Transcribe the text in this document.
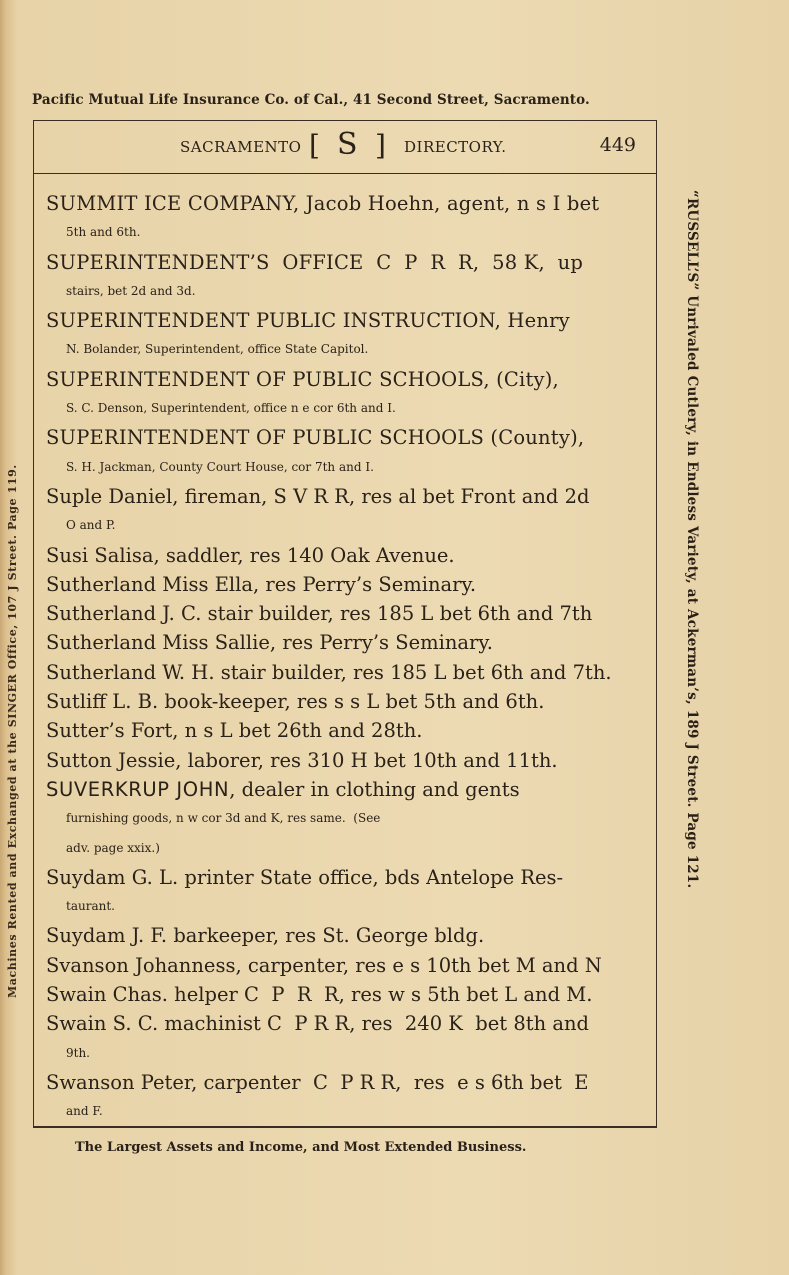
Pacific Mutual Life Insurance Co. of Cal., 41 Second Street, Sacramento.
Machines Rented and Exchanged at the SINGER Office, 107 J Street. Page 119.	“RUSSELL’S” Unrivaled Cutlery, in Endless Variety, at Ackerman’s, 189 J Street. Page 121.
SACRAMENTO [ S ] DIRECTORY.	449
SUMMIT ICE COMPANY, Jacob Hoehn, agent, n s I bet
5th and 6th.
SUPERINTENDENT’S  OFFICE  C  P  R  R,  58 K,  up
stairs, bet 2d and 3d.
SUPERINTENDENT PUBLIC INSTRUCTION, Henry
N. Bolander, Superintendent, office State Capitol.
SUPERINTENDENT OF PUBLIC SCHOOLS, (City),
S. C. Denson, Superintendent, office n e cor 6th and I.
SUPERINTENDENT OF PUBLIC SCHOOLS (County),
S. H. Jackman, County Court House, cor 7th and I.
Suple Daniel, fireman, S V R R, res al bet Front and 2d
O and P.
Susi Salisa, saddler, res 140 Oak Avenue.
Sutherland Miss Ella, res Perry’s Seminary.
Sutherland J. C. stair builder, res 185 L bet 6th and 7th
Sutherland Miss Sallie, res Perry’s Seminary.
Sutherland W. H. stair builder, res 185 L bet 6th and 7th.
Sutliff L. B. book-keeper, res s s L bet 5th and 6th.
Sutter’s Fort, n s L bet 26th and 28th.
Sutton Jessie, laborer, res 310 H bet 10th and 11th.
SUVERKRUP JOHN, dealer in clothing and gents
furnishing goods, n w cor 3d and K, res same.  (See
adv. page xxix.)
Suydam G. L. printer State office, bds Antelope Res-
taurant.
Suydam J. F. barkeeper, res St. George bldg.
Svanson Johanness, carpenter, res e s 10th bet M and N
Swain Chas. helper C  P  R  R, res w s 5th bet L and M.
Swain S. C. machinist C  P R R, res  240 K  bet 8th and
9th.
Swanson Peter, carpenter  C  P R R,  res  e s 6th bet  E
and F.
The Largest Assets and Income, and Most Extended Business.
